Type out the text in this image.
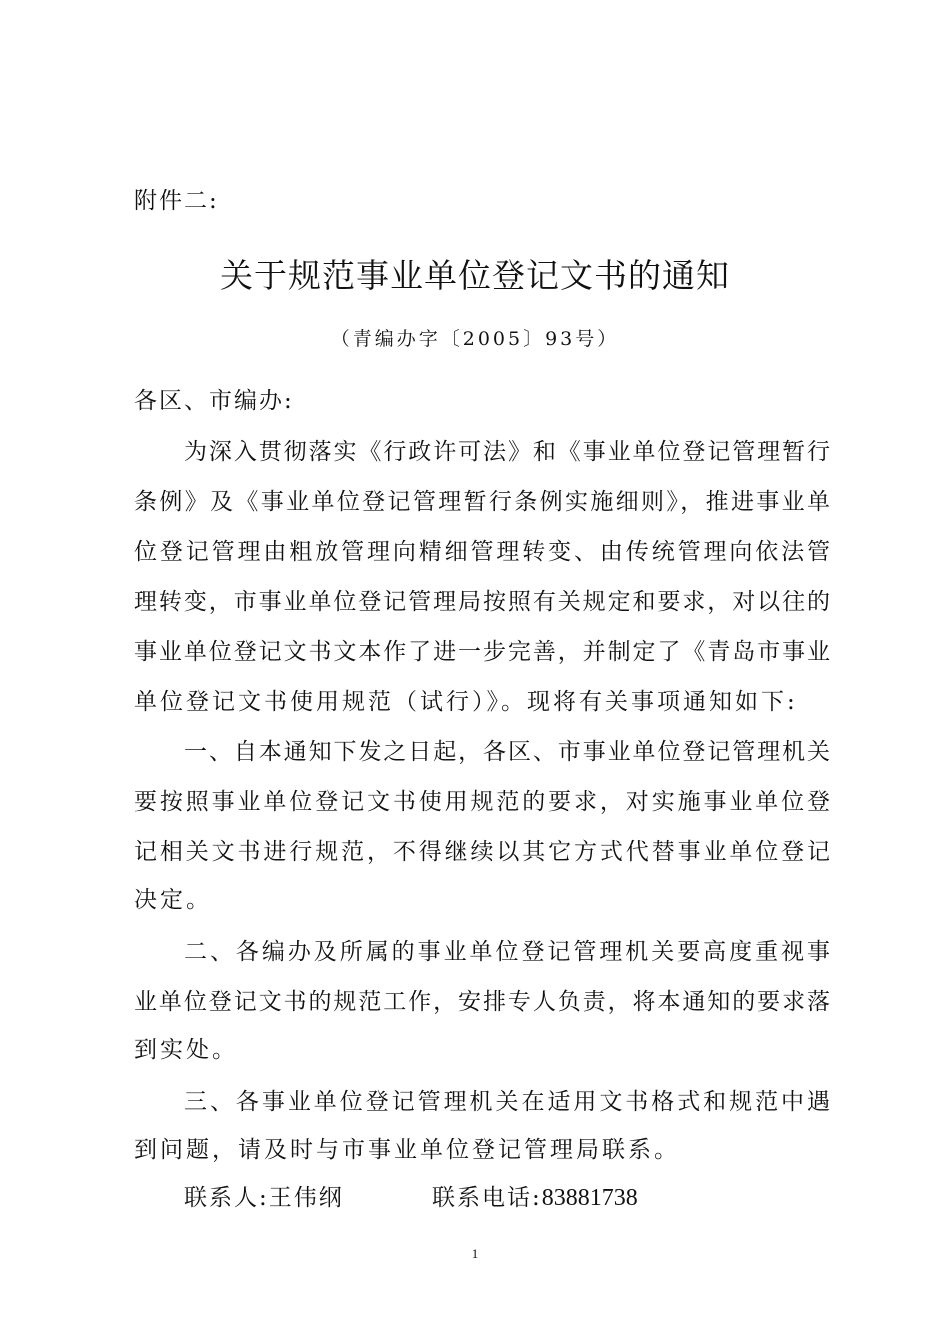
附件二:
关于规范事业单位登记文书的通知
（青编办字〔2005〕93号）
各区、市编办:
为深入贯彻落实《行政许可法》和《事业单位登记管理暂行
条例》及《事业单位登记管理暂行条例实施细则》，推进事业单
位登记管理由粗放管理向精细管理转变、由传统管理向依法管
理转变，市事业单位登记管理局按照有关规定和要求，对以往的
事业单位登记文书文本作了进一步完善，并制定了《青岛市事业
单位登记文书使用规范（试行）》。现将有关事项通知如下:
一、自本通知下发之日起，各区、市事业单位登记管理机关
要按照事业单位登记文书使用规范的要求，对实施事业单位登
记相关文书进行规范，不得继续以其它方式代替事业单位登记
决定。
二、各编办及所属的事业单位登记管理机关要高度重视事
业单位登记文书的规范工作，安排专人负责，将本通知的要求落
到实处。
三、各事业单位登记管理机关在适用文书格式和规范中遇
到问题，请及时与市事业单位登记管理局联系。
联系人:王伟纲	联系电话:83881738
1
